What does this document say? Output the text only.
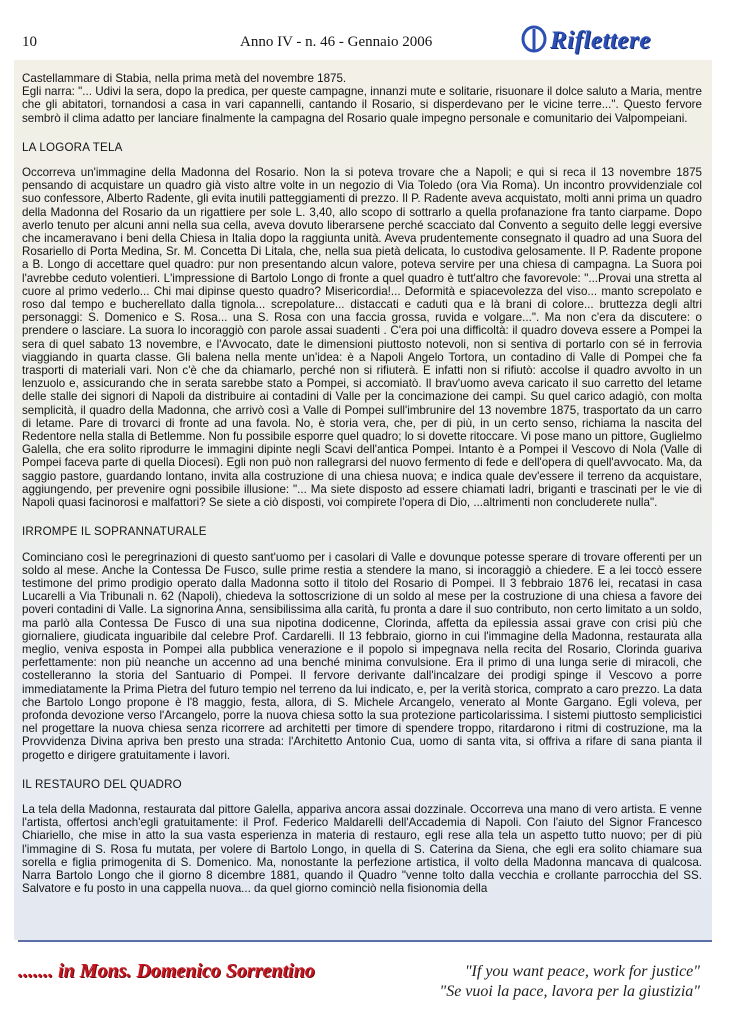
10	Anno IV - n. 46 - Gennaio 2006	Riflettere

Castellammare di Stabia, nella prima metà del novembre 1875.

Egli narra: "... Udivi la sera, dopo la predica, per queste campagne, innanzi mute e solitarie, risuonare il dolce saluto a Maria, mentre che gli abitatori, tornandosi a casa in vari capannelli, cantando il Rosario, si disperdevano per le vicine terre...". Questo fervore sembrò il clima adatto per lanciare finalmente la campagna del Rosario quale impegno personale e comunitario dei Valpompeiani.

LA LOGORA TELA

Occorreva un'immagine della Madonna del Rosario. Non la si poteva trovare che a Napoli; e qui si reca il 13 novembre 1875 pensando di acquistare un quadro già visto altre volte in un negozio di Via Toledo (ora Via Roma). Un incontro provvidenziale col suo confessore, Alberto Radente, gli evita inutili patteggiamenti di prezzo. Il P. Radente aveva acquistato, molti anni prima un quadro della Madonna del Rosario da un rigattiere per sole L. 3,40, allo scopo di sottrarlo a quella profanazione fra tanto ciarpame. Dopo averlo tenuto per alcuni anni nella sua cella, aveva dovuto liberarsene perché scacciato dal Convento a seguito delle leggi eversive che incameravano i beni della Chiesa in Italia dopo la raggiunta unità. Aveva prudentemente consegnato il quadro ad una Suora del Rosariello di Porta Medina, Sr. M. Concetta Di Litala, che, nella sua pietà delicata, lo custodiva gelosamente. Il P. Radente propone a B. Longo di accettare quel quadro: pur non presentando alcun valore, poteva servire per una chiesa di campagna. La Suora poi l'avrebbe ceduto volentieri. L'impressione di Bartolo Longo di fronte a quel quadro è tutt'altro che favorevole: "...Provai una stretta al cuore al primo vederlo... Chi mai dipinse questo quadro? Misericordia!... Deformità e spiacevolezza del viso... manto screpolato e roso dal tempo e bucherellato dalla tignola... screpolature... distaccati e caduti qua e là brani di colore... bruttezza degli altri personaggi: S. Domenico e S. Rosa... una S. Rosa con una faccia grossa, ruvida e volgare...". Ma non c'era da discutere: o prendere o lasciare. La suora lo incoraggiò con parole assai suadenti . C'era poi una difficoltà: il quadro doveva essere a Pompei la sera di quel sabato 13 novembre, e l'Avvocato, date le dimensioni piuttosto notevoli, non si sentiva di portarlo con sé in ferrovia viaggiando in quarta classe. Gli balena nella mente un'idea: è a Napoli Angelo Tortora, un contadino di Valle di Pompei che fa trasporti di materiali vari. Non c'è che da chiamarlo, perché non si rifiuterà. E infatti non si rifiutò: accolse il quadro avvolto in un lenzuolo e, assicurando che in serata sarebbe stato a Pompei, si accomiatò. Il brav'uomo aveva caricato il suo carretto del letame delle stalle dei signori di Napoli da distribuire ai contadini di Valle per la concimazione dei campi. Su quel carico adagiò, con molta semplicità, il quadro della Madonna, che arrivò così a Valle di Pompei sull'imbrunire del 13 novembre 1875, trasportato da un carro di letame. Pare di trovarci di fronte ad una favola. No, è storia vera, che, per di più, in un certo senso, richiama la nascita del Redentore nella stalla di Betlemme. Non fu possibile esporre quel quadro; lo si dovette ritoccare. Vi pose mano un pittore, Guglielmo Galella, che era solito riprodurre le immagini dipinte negli Scavi dell'antica Pompei. Intanto è a Pompei il Vescovo di Nola (Valle di Pompei faceva parte di quella Diocesi). Egli non può non rallegrarsi del nuovo fermento di fede e dell'opera di quell'avvocato. Ma, da saggio pastore, guardando lontano, invita alla costruzione di una chiesa nuova; e indica quale dev'essere il terreno da acquistare, aggiungendo, per prevenire ogni possibile illusione: "... Ma siete disposto ad essere chiamati ladri, briganti e trascinati per le vie di Napoli quasi facinorosi e malfattori? Se siete a ciò disposti, voi compirete l'opera di Dio, ...altrimenti non concluderete nulla".

IRROMPE IL SOPRANNATURALE

Cominciano così le peregrinazioni di questo sant'uomo per i casolari di Valle e dovunque potesse sperare di trovare offerenti per un soldo al mese. Anche la Contessa De Fusco, sulle prime restia a stendere la mano, si incoraggiò a chiedere. E a lei toccò essere testimone del primo prodigio operato dalla Madonna sotto il titolo del Rosario di Pompei. Il 3 febbraio 1876 lei, recatasi in casa Lucarelli a Via Tribunali n. 62 (Napoli), chiedeva la sottoscrizione di un soldo al mese per la costruzione di una chiesa a favore dei poveri contadini di Valle. La signorina Anna, sensibilissima alla carità, fu pronta a dare il suo contributo, non certo limitato a un soldo, ma parlò alla Contessa De Fusco di una sua nipotina dodicenne, Clorinda, affetta da epilessia assai grave con crisi più che giornaliere, giudicata inguaribile dal celebre Prof. Cardarelli. Il 13 febbraio, giorno in cui l'immagine della Madonna, restaurata alla meglio, veniva esposta in Pompei alla pubblica venerazione e il popolo si impegnava nella recita del Rosario, Clorinda guariva perfettamente: non più neanche un accenno ad una benché minima convulsione. Era il primo di una lunga serie di miracoli, che costelleranno la storia del Santuario di Pompei. Il fervore derivante dall'incalzare dei prodigi spinge il Vescovo a porre immediatamente la Prima Pietra del futuro tempio nel terreno da lui indicato, e, per la verità storica, comprato a caro prezzo. La data che Bartolo Longo propone è l'8 maggio, festa, allora, di S. Michele Arcangelo, venerato al Monte Gargano. Egli voleva, per profonda devozione verso l'Arcangelo, porre la nuova chiesa sotto la sua protezione particolarissima. I sistemi piuttosto semplicistici nel progettare la nuova chiesa senza ricorrere ad architetti per timore di spendere troppo, ritardarono i ritmi di costruzione, ma la Provvidenza Divina apriva ben presto una strada: l'Architetto Antonio Cua, uomo di santa vita, si offriva a rifare di sana pianta il progetto e dirigere gratuitamente i lavori.

IL RESTAURO DEL QUADRO

La tela della Madonna, restaurata dal pittore Galella, appariva ancora assai dozzinale. Occorreva una mano di vero artista. E venne l'artista, offertosi anch'egli gratuitamente: il Prof. Federico Maldarelli dell'Accademia di Napoli. Con l'aiuto del Signor Francesco Chiariello, che mise in atto la sua vasta esperienza in materia di restauro, egli rese alla tela un aspetto tutto nuovo; per di più l'immagine di S. Rosa fu mutata, per volere di Bartolo Longo, in quella di S. Caterina da Siena, che egli era solito chiamare sua sorella e figlia primogenita di S. Domenico. Ma, nonostante la perfezione artistica, il volto della Madonna mancava di qualcosa. Narra Bartolo Longo che il giorno 8 dicembre 1881, quando il Quadro "venne tolto dalla vecchia e crollante parrocchia del SS. Salvatore e fu posto in una cappella nuova... da quel giorno cominciò nella fisionomia della

....... in Mons. Domenico Sorrentino	"If you want peace, work for justice"
"Se vuoi la pace, lavora per la giustizia"
